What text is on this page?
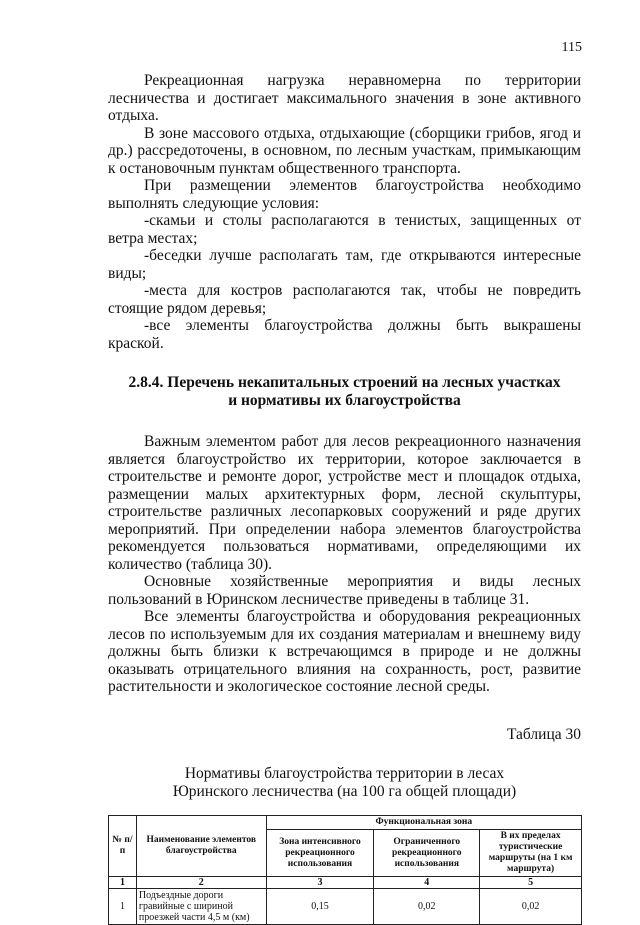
115

Рекреационная нагрузка неравномерна по территории лесничества и достигает максимального значения в зоне активного отдыха.

В зоне массового отдыха, отдыхающие (сборщики грибов, ягод и др.) рассредоточены, в основном, по лесным участкам, примыкающим к остановочным пунктам общественного транспорта.

При размещении элементов благоустройства необходимо выполнять следующие условия:

-скамьи и столы располагаются в тенистых, защищенных от ветра местах;

-беседки лучше располагать там, где открываются интересные виды;

-места для костров располагаются так, чтобы не повредить стоящие рядом деревья;

-все элементы благоустройства должны быть выкрашены краской.

2.8.4. Перечень некапитальных строений на лесных участках
и нормативы их благоустройства

Важным элементом работ для лесов рекреационного назначения является благоустройство их территории, которое заключается в строительстве и ремонте дорог, устройстве мест и площадок отдыха, размещении малых архитектурных форм, лесной скульптуры, строительстве различных лесопарковых сооружений и ряде других мероприятий. При определении набора элементов благоустройства рекомендуется пользоваться нормативами, определяющими их количество (таблица 30).

Основные хозяйственные мероприятия и виды лесных пользований в Юринском лесничестве приведены в таблице 31.

Все элементы благоустройства и оборудования рекреационных лесов по используемым для их создания материалам и внешнему виду должны быть близки к встречающимся в природе и не должны оказывать отрицательного влияния на сохранность, рост, развитие растительности и экологическое состояние лесной среды.

Таблица 30
Нормативы благоустройства территории в лесах
Юринского лесничества (на 100 га общей площади)
№ п/п	Наименование элементов благоустройства	Функциональная зона		
		Зона интенсивного рекреационного использования	Ограниченного рекреационного использования	В их пределах туристические маршруты (на 1 км маршрута)
1	2	3	4	5
1	Подъездные дороги гравийные с шириной проезжей части 4,5 м (км)	0,15	0,02	0,02
